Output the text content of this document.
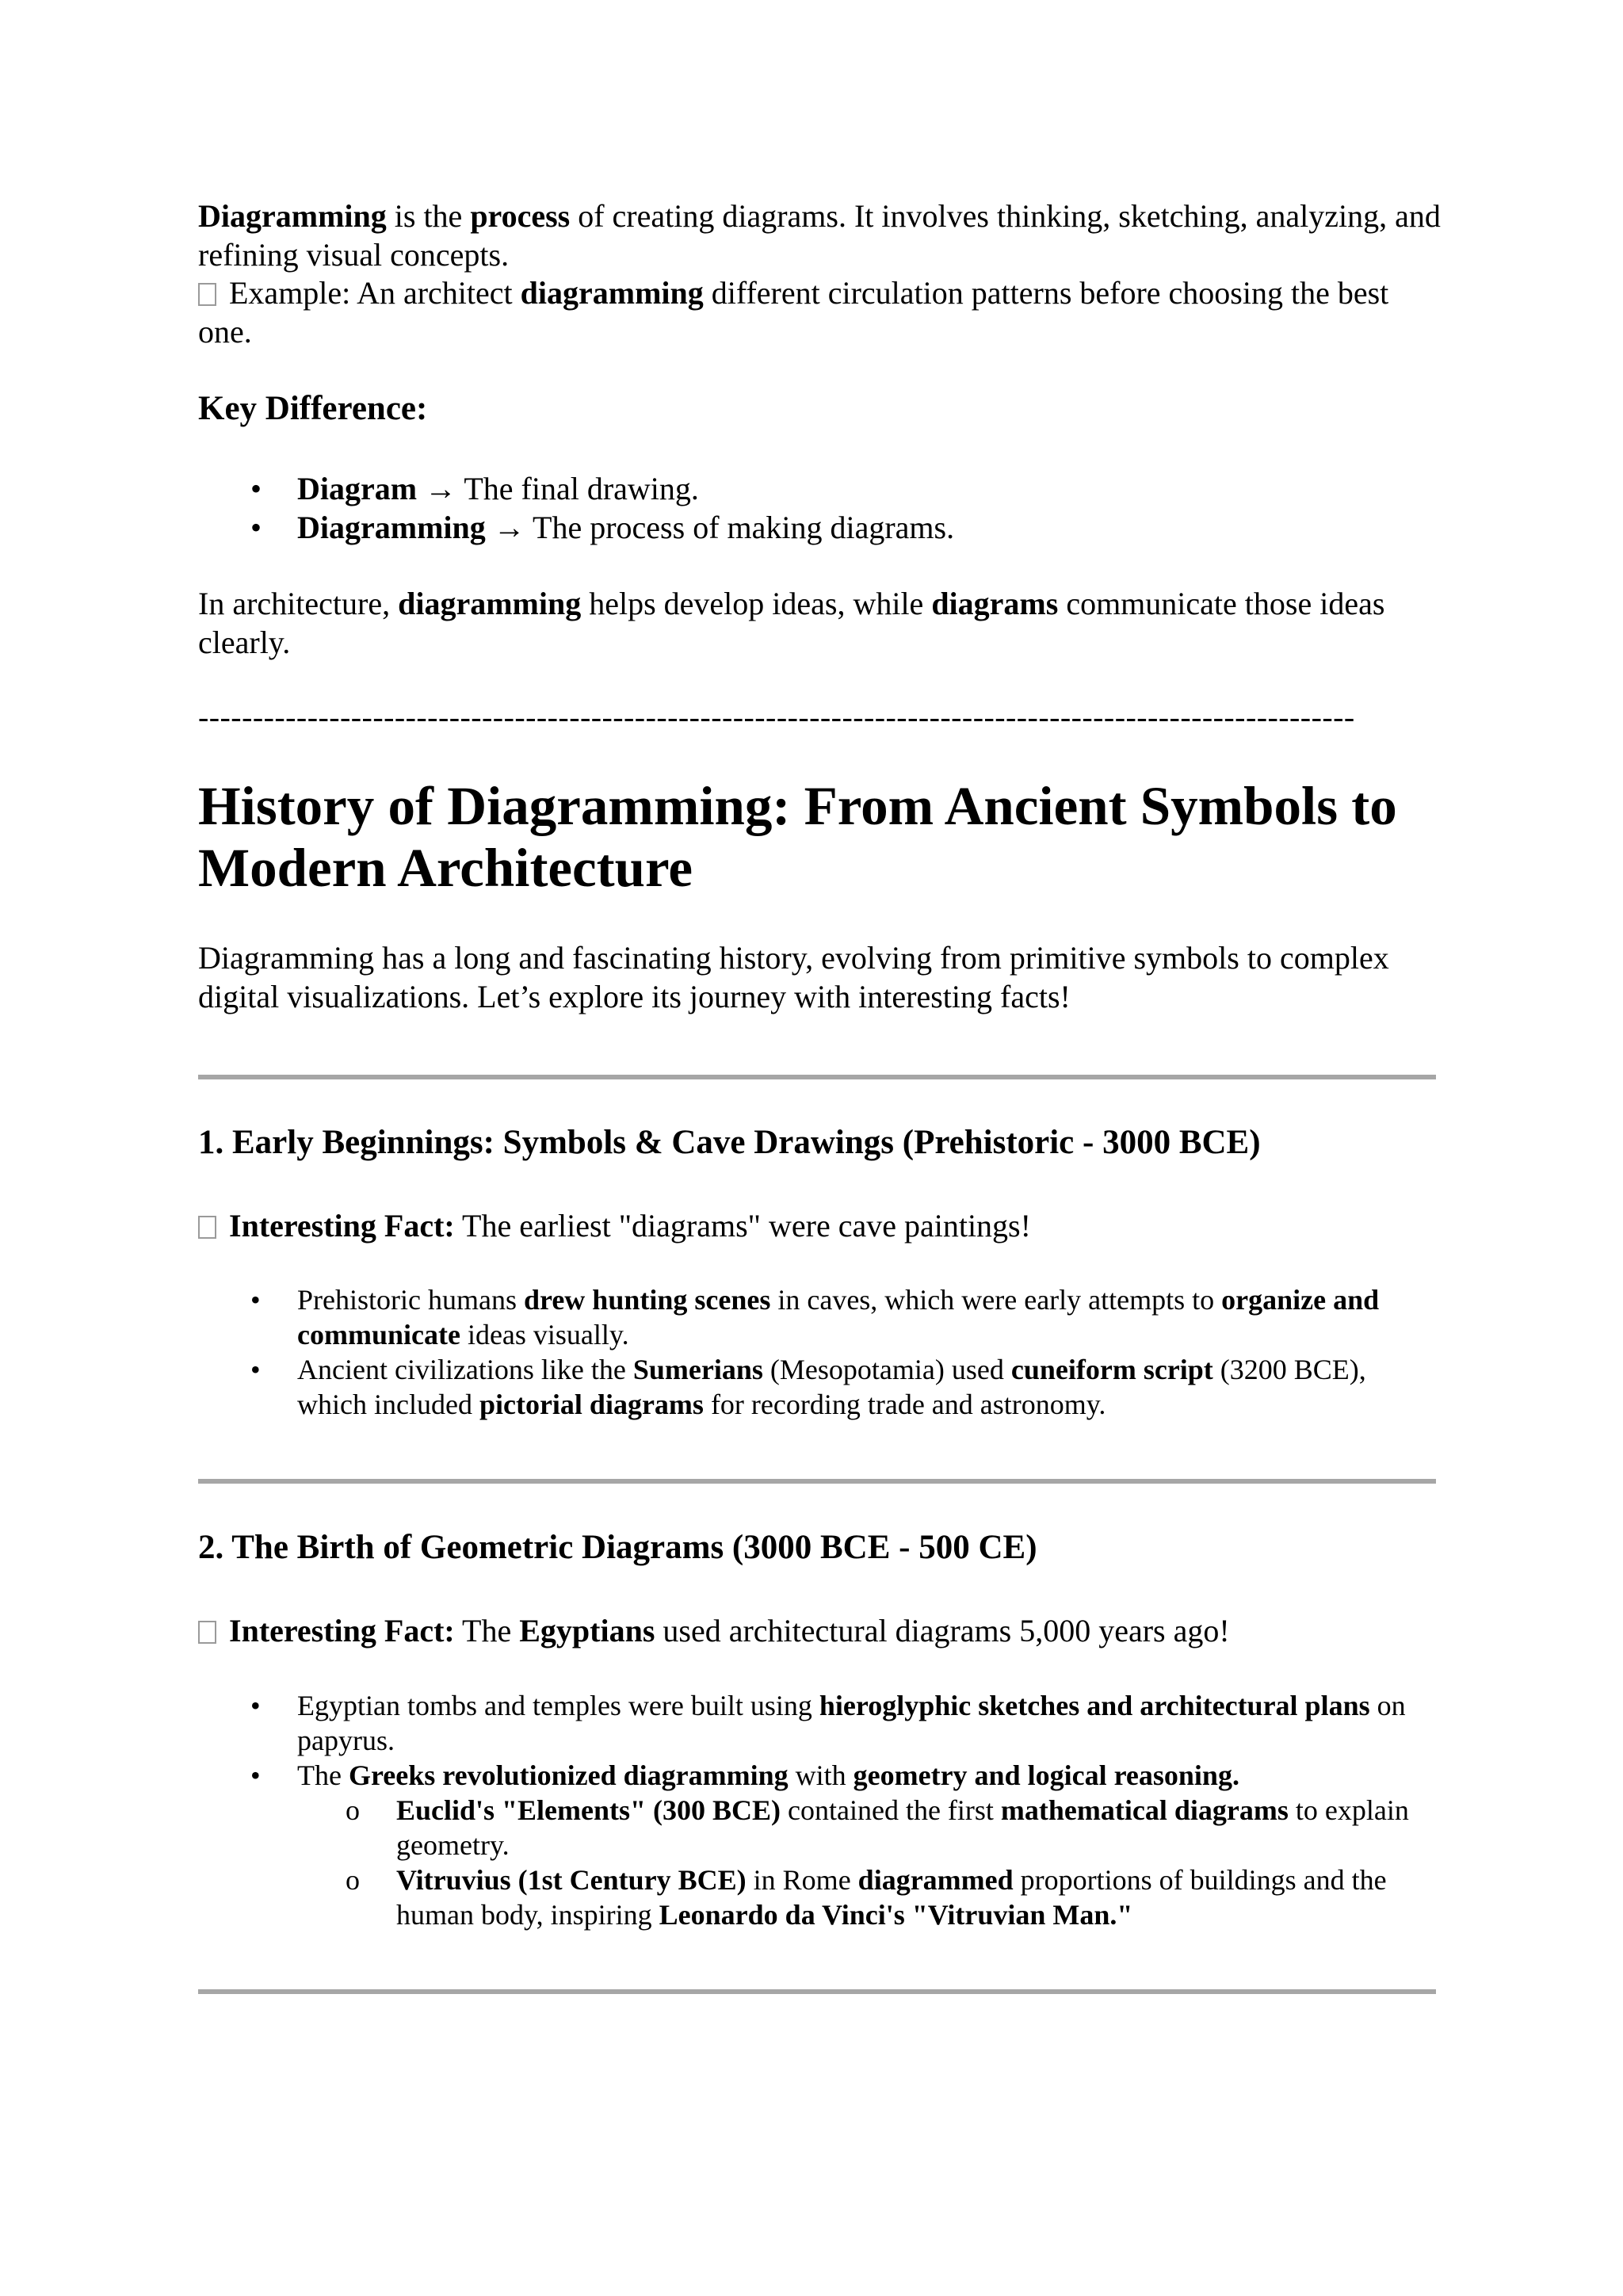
Diagramming is the process of creating diagrams. It involves thinking, sketching, analyzing, and refining visual concepts.

Example: An architect diagramming different circulation patterns before choosing the best one.

Key Difference:
• Diagram → The final drawing.
• Diagramming → The process of making diagrams.

In architecture, diagramming helps develop ideas, while diagrams communicate those ideas clearly.

----------------------------------------------------------------------------------------------------------

History of Diagramming: From Ancient Symbols to Modern Architecture

Diagramming has a long and fascinating history, evolving from primitive symbols to complex digital visualizations. Let’s explore its journey with interesting facts!

1. Early Beginnings: Symbols & Cave Drawings (Prehistoric - 3000 BCE)

Interesting Fact: The earliest "diagrams" were cave paintings!

• Prehistoric humans drew hunting scenes in caves, which were early attempts to organize and communicate ideas visually.
• Ancient civilizations like the Sumerians (Mesopotamia) used cuneiform script (3200 BCE), which included pictorial diagrams for recording trade and astronomy.
2. The Birth of Geometric Diagrams (3000 BCE - 500 CE)

Interesting Fact: The Egyptians used architectural diagrams 5,000 years ago!

• Egyptian tombs and temples were built using hieroglyphic sketches and architectural plans on papyrus.
• The Greeks revolutionized diagramming with geometry and logical reasoning.
o Euclid's "Elements" (300 BCE) contained the first mathematical diagrams to explain geometry.
o Vitruvius (1st Century BCE) in Rome diagrammed proportions of buildings and the human body, inspiring Leonardo da Vinci's "Vitruvian Man."
